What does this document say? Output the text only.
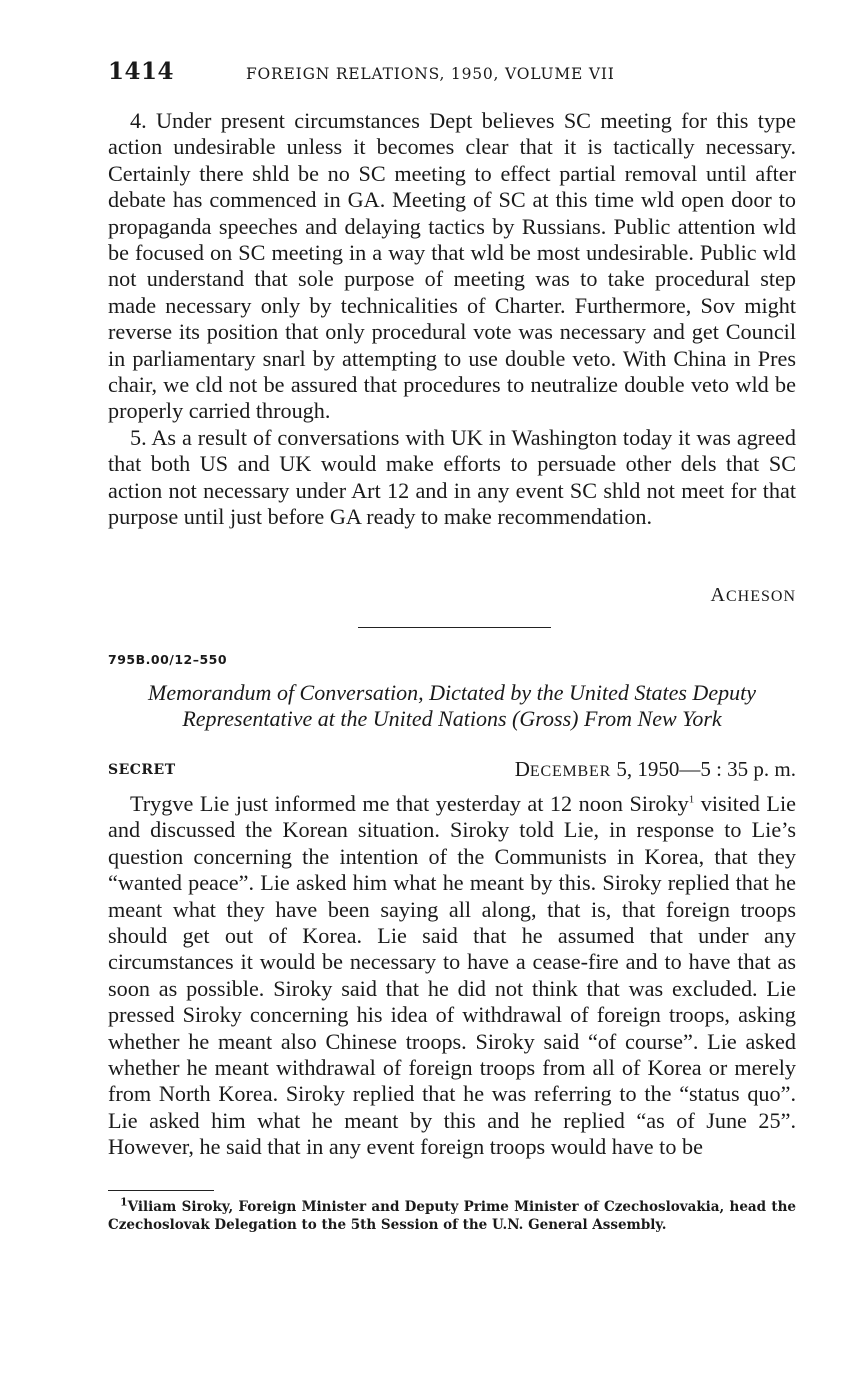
1414	FOREIGN RELATIONS, 1950, VOLUME VII

4. Under present circumstances Dept believes SC meeting for this type action undesirable unless it becomes clear that it is tactically necessary. Certainly there shld be no SC meeting to effect partial removal until after debate has commenced in GA. Meeting of SC at this time wld open door to propaganda speeches and delaying tactics by Russians. Public attention wld be focused on SC meeting in a way that wld be most undesirable. Public wld not understand that sole purpose of meeting was to take procedural step made necessary only by technicalities of Charter. Furthermore, Sov might reverse its position that only procedural vote was necessary and get Council in parliamentary snarl by attempting to use double veto. With China in Pres chair, we cld not be assured that procedures to neutralize double veto wld be properly carried through.

5. As a result of conversations with UK in Washington today it was agreed that both US and UK would make efforts to persuade other dels that SC action not necessary under Art 12 and in any event SC shld not meet for that purpose until just before GA ready to make recommendation.

ACHESON
795B.00/12–550
Memorandum of Conversation, Dictated by the United States Deputy
Representative at the United Nations (Gross) From New York
SECRET	DECEMBER 5, 1950—5 : 35 p. m.

Trygve Lie just informed me that yesterday at 12 noon Siroky$^1$ visited Lie and discussed the Korean situation. Siroky told Lie, in response to Lie’s question concerning the intention of the Communists in Korea, that they “wanted peace”. Lie asked him what he meant by this. Siroky replied that he meant what they have been saying all along, that is, that foreign troops should get out of Korea. Lie said that he assumed that under any circumstances it would be necessary to have a cease-fire and to have that as soon as possible. Siroky said that he did not think that was excluded. Lie pressed Siroky concerning his idea of withdrawal of foreign troops, asking whether he meant also Chinese troops. Siroky said “of course”. Lie asked whether he meant withdrawal of foreign troops from all of Korea or merely from North Korea. Siroky replied that he was referring to the “status quo”. Lie asked him what he meant by this and he replied “as of June 25”. However, he said that in any event foreign troops would have to be

$^1$Viliam Siroky, Foreign Minister and Deputy Prime Minister of Czechoslovakia, head the Czechoslovak Delegation to the 5th Session of the U.N. General Assembly.
